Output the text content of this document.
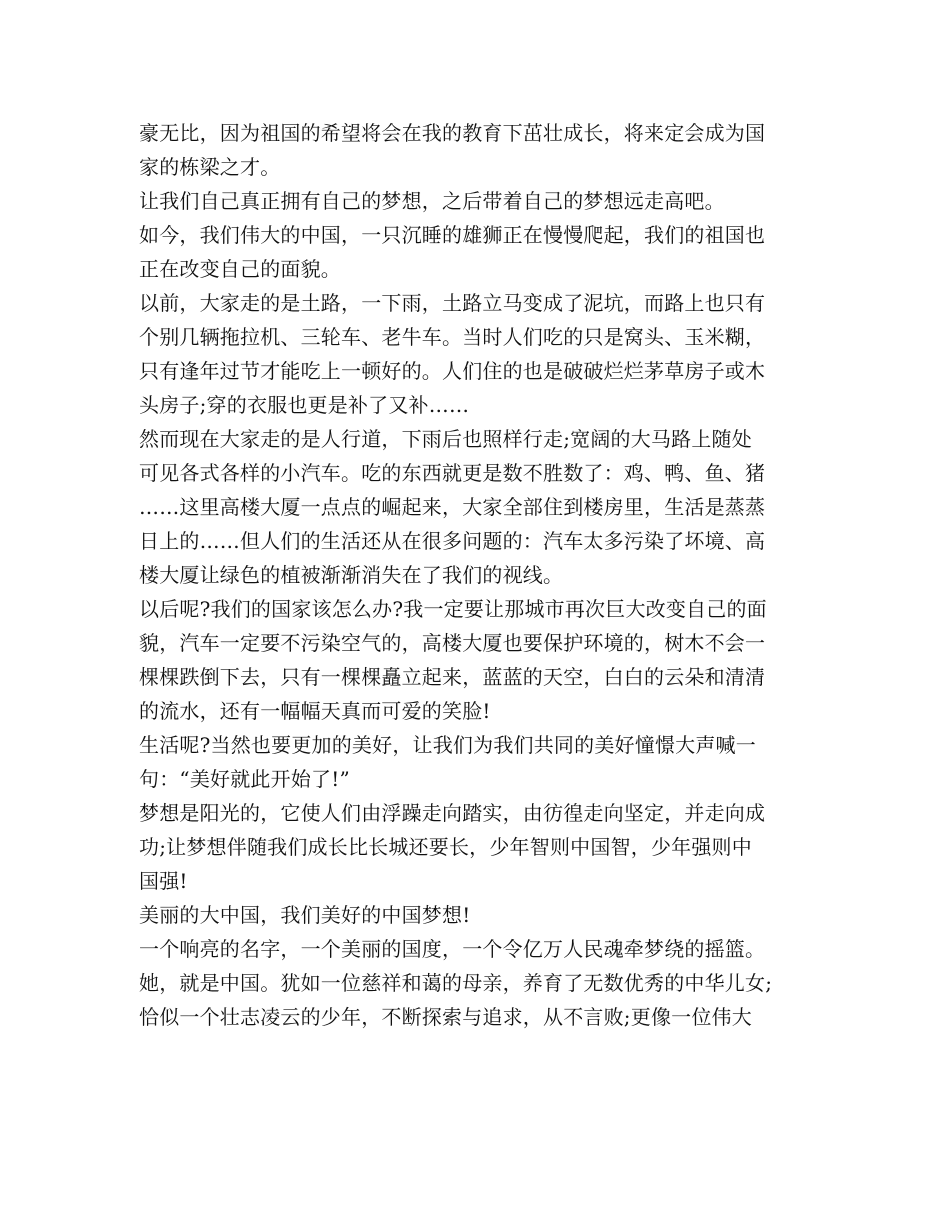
豪无比，因为祖国的希望将会在我的教育下茁壮成长，将来定会成为国
家的栋梁之才。
让我们自己真正拥有自己的梦想，之后带着自己的梦想远走高吧。
如今，我们伟大的中国，一只沉睡的雄狮正在慢慢爬起，我们的祖国也
正在改变自己的面貌。
以前，大家走的是土路，一下雨，土路立马变成了泥坑，而路上也只有
个别几辆拖拉机、三轮车、老牛车。当时人们吃的只是窝头、玉米糊，
只有逢年过节才能吃上一顿好的。人们住的也是破破烂烂茅草房子或木
头房子;穿的衣服也更是补了又补……
然而现在大家走的是人行道，下雨后也照样行走;宽阔的大马路上随处
可见各式各样的小汽车。吃的东西就更是数不胜数了：鸡、鸭、鱼、猪
……这里高楼大厦一点点的崛起来，大家全部住到楼房里，生活是蒸蒸
日上的……但人们的生活还从在很多问题的：汽车太多污染了坏境、高
楼大厦让绿色的植被渐渐消失在了我们的视线。
以后呢?我们的国家该怎么办?我一定要让那城市再次巨大改变自己的面
貌，汽车一定要不污染空气的，高楼大厦也要保护环境的，树木不会一
棵棵跌倒下去，只有一棵棵矗立起来，蓝蓝的天空，白白的云朵和清清
的流水，还有一幅幅天真而可爱的笑脸!
生活呢?当然也要更加的美好，让我们为我们共同的美好憧憬大声喊一
句：“美好就此开始了!”
梦想是阳光的，它使人们由浮躁走向踏实，由彷徨走向坚定，并走向成
功;让梦想伴随我们成长比长城还要长，少年智则中国智，少年强则中
国强!
美丽的大中国，我们美好的中国梦想!
一个响亮的名字，一个美丽的国度，一个令亿万人民魂牵梦绕的摇篮。
她，就是中国。犹如一位慈祥和蔼的母亲，养育了无数优秀的中华儿女;
恰似一个壮志凌云的少年，不断探索与追求，从不言败;更像一位伟大
